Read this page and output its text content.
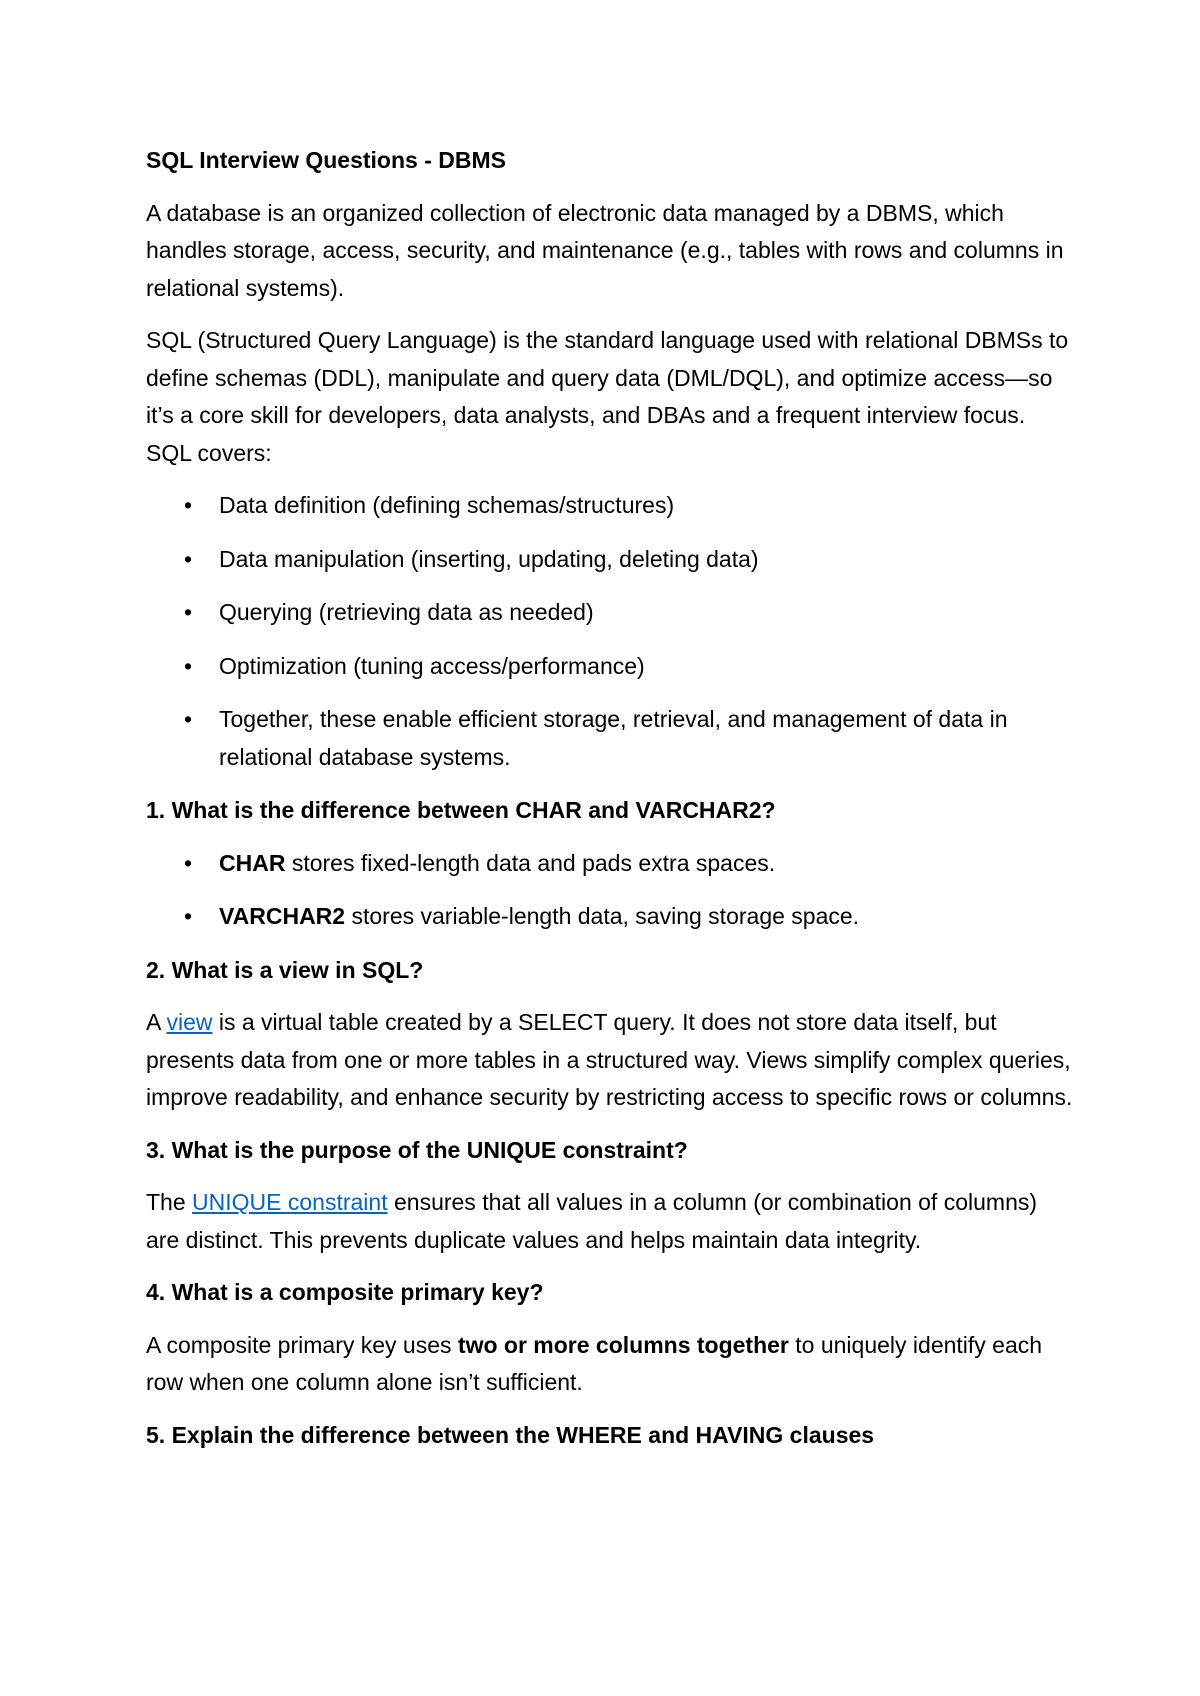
SQL Interview Questions - DBMS

A database is an organized collection of electronic data managed by a DBMS, which handles storage, access, security, and maintenance (e.g., tables with rows and columns in relational systems).

SQL (Structured Query Language) is the standard language used with relational DBMSs to define schemas (DDL), manipulate and query data (DML/DQL), and optimize access—so it’s a core skill for developers, data analysts, and DBAs and a frequent interview focus. SQL covers:

• Data definition (defining schemas/structures)
• Data manipulation (inserting, updating, deleting data)
• Querying (retrieving data as needed)
• Optimization (tuning access/performance)
• Together, these enable efficient storage, retrieval, and management of data in relational database systems.
1. What is the difference between CHAR and VARCHAR2?
• CHAR stores fixed-length data and pads extra spaces.
• VARCHAR2 stores variable-length data, saving storage space.
2. What is a view in SQL?

A view is a virtual table created by a SELECT query. It does not store data itself, but presents data from one or more tables in a structured way. Views simplify complex queries, improve readability, and enhance security by restricting access to specific rows or columns.

3. What is the purpose of the UNIQUE constraint?

The UNIQUE constraint ensures that all values in a column (or combination of columns) are distinct. This prevents duplicate values and helps maintain data integrity.

4. What is a composite primary key?

A composite primary key uses two or more columns together to uniquely identify each row when one column alone isn’t sufficient.

5. Explain the difference between the WHERE and HAVING clauses
